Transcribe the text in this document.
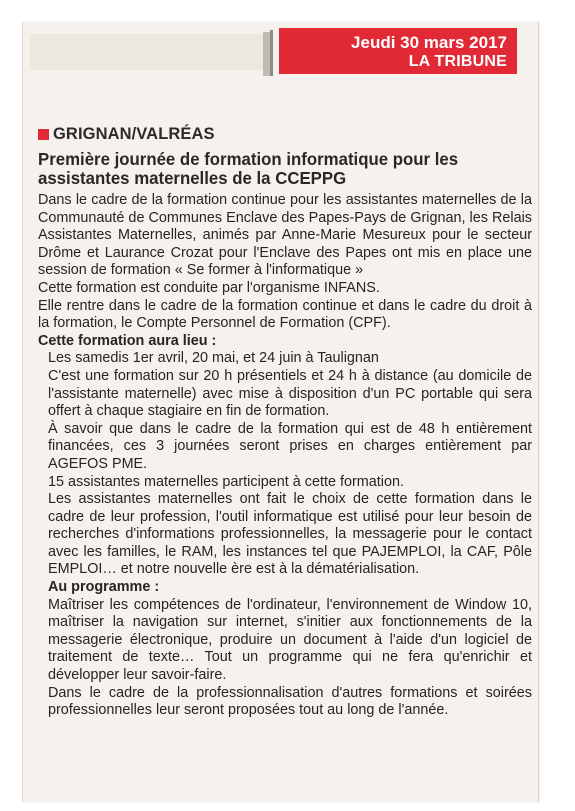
Jeudi 30 mars 2017
LA TRIBUNE
GRIGNAN/VALRÉAS
Première journée de formation informatique pour les assistantes maternelles de la CCEPPG

Dans le cadre de la formation continue pour les assistantes maternelles de la Communauté de Communes Enclave des Papes-Pays de Grignan, les Relais Assistantes Maternelles, animés par Anne-Marie Mesureux pour le secteur Drôme et Laurance Crozat pour l'Enclave des Papes ont mis en place une session de formation « Se former à l'informatique »

Cette formation est conduite par l'organisme INFANS.

Elle rentre dans le cadre de la formation continue et dans le cadre du droit à la formation, le Compte Personnel de Formation (CPF).

Cette formation aura lieu :

Les samedis 1er avril, 20 mai, et 24 juin à Taulignan

C'est une formation sur 20 h présentiels et 24 h à distance (au domicile de l'assistante maternelle) avec mise à disposition d'un PC portable qui sera offert à chaque stagiaire en fin de formation.

À savoir que dans le cadre de la formation qui est de 48 h entièrement financées, ces 3 journées seront prises en charges entièrement par AGEFOS PME.

15 assistantes maternelles participent à cette formation.

Les assistantes maternelles ont fait le choix de cette formation dans le cadre de leur profession, l'outil informatique est utilisé pour leur besoin de recherches d'informations professionnelles, la messagerie pour le contact avec les familles, le RAM, les instances tel que PAJEMPLOI, la CAF, Pôle EMPLOI… et notre nouvelle ère est à la dématérialisation.

Au programme :

Maîtriser les compétences de l'ordinateur, l'environnement de Window 10, maîtriser la navigation sur internet, s'initier aux fonctionnements de la messagerie électronique, produire un document à l'aide d'un logiciel de traitement de texte… Tout un programme qui ne fera qu'enrichir et développer leur savoir-faire.

Dans le cadre de la professionnalisation d'autres formations et soirées professionnelles leur seront proposées tout au long de l'année.
